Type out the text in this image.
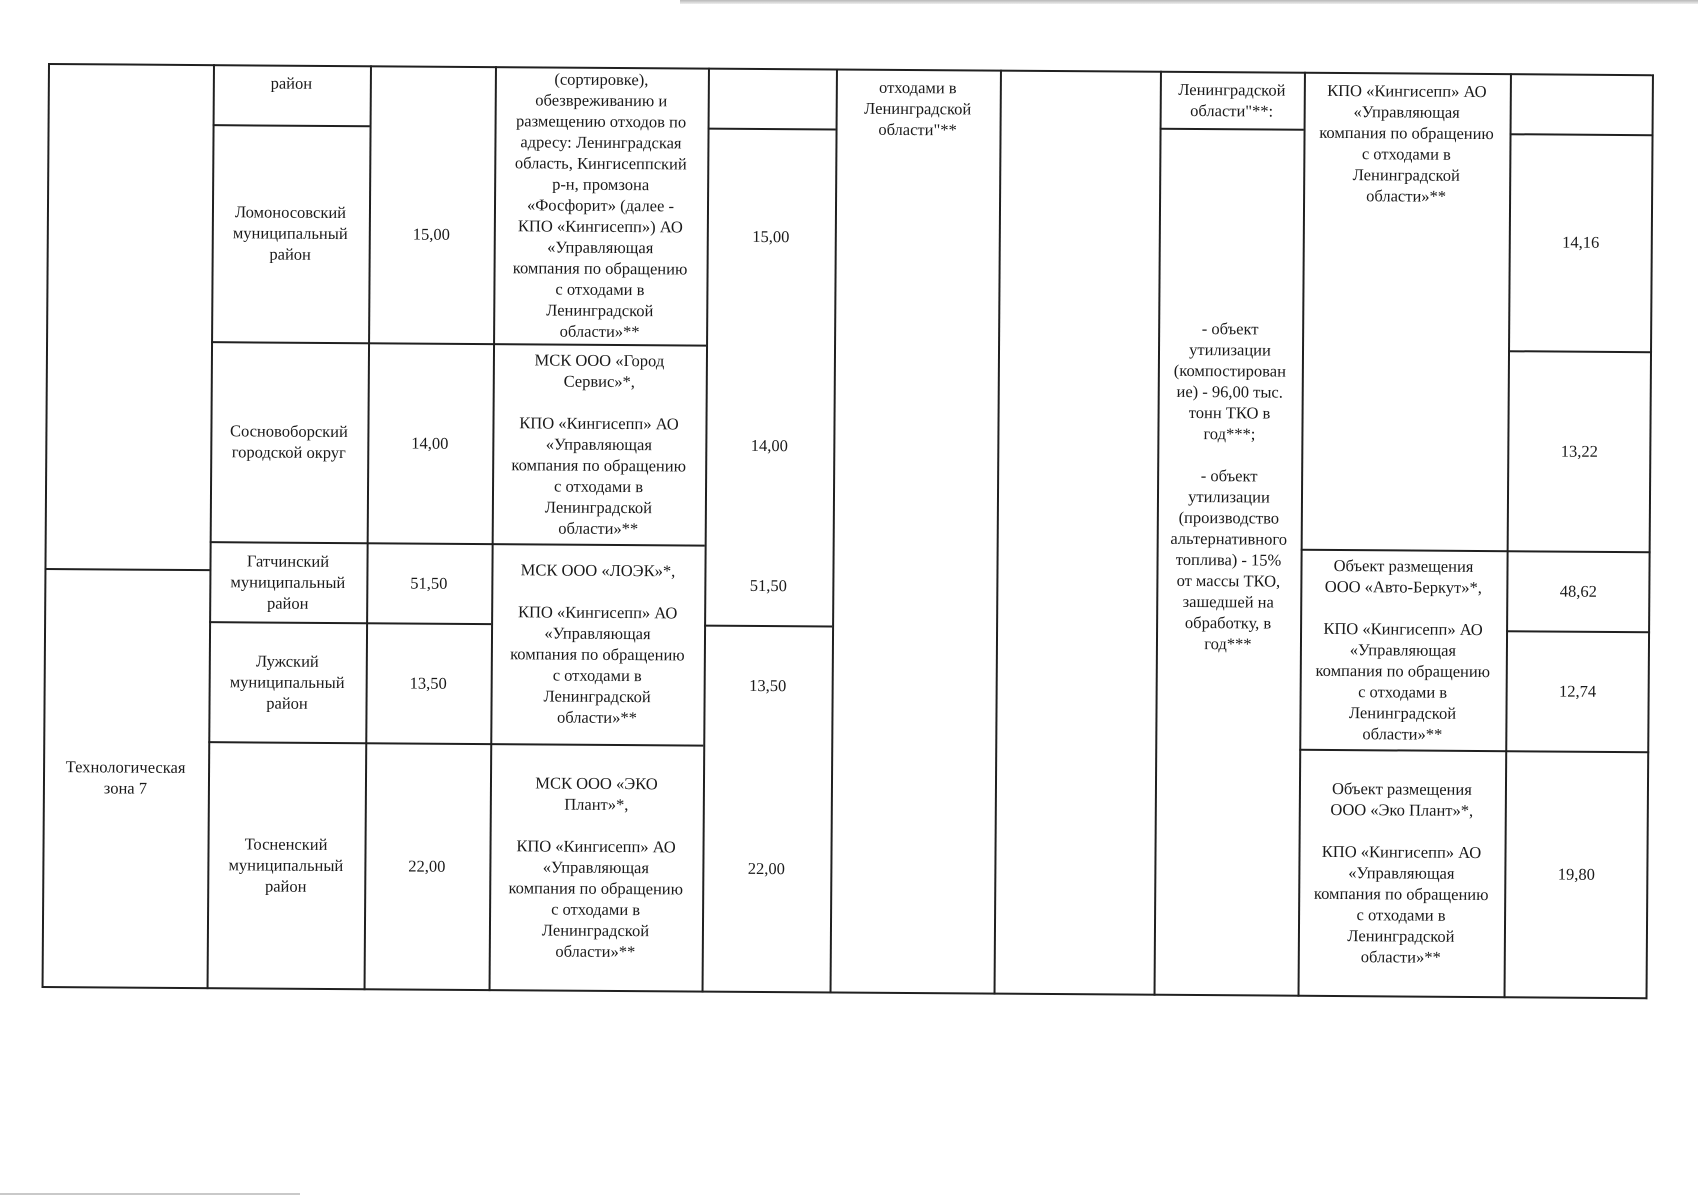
Технологическая
зона 7
район
Ломоносовский
муниципальный
район
Сосновоборский
городской округ
Гатчинский
муниципальный
район
Лужский
муниципальный
район
Тосненский
муниципальный
район
15,00
14,00
51,50
13,50
22,00
(сортировке),
обезвреживанию и
размещению отходов по
адресу: Ленинградская
область, Кингисеппский
р-н, промзона
«Фосфорит» (далее -
КПО «Кингисепп») АО
«Управляющая
компания по обращению
с отходами в
Ленинградской
области»**
МСК ООО «Город
Сервис»*,

КПО «Кингисепп» АО
«Управляющая
компания по обращению
с отходами в
Ленинградской
области»**
МСК ООО «ЛОЭК»*,

КПО «Кингисепп» АО
«Управляющая
компания по обращению
с отходами в
Ленинградской
области»**
МСК ООО «ЭКО
Плант»*,

КПО «Кингисепп» АО
«Управляющая
компания по обращению
с отходами в
Ленинградской
области»**
15,00
14,00
51,50
13,50
22,00
отходами в
Ленинградской
области"**
Ленинградской
области"**:
- объект
утилизации
(компостирован
ие) - 96,00 тыс.
тонн ТКО в
год***;

- объект
утилизации
(производство
альтернативного
топлива) - 15%
от массы ТКО,
зашедшей на
обработку, в
год***
КПО «Кингисепп» АО
«Управляющая
компания по обращению
с отходами в
Ленинградской
области»**
Объект размещения
ООО «Авто-Беркут»*,

КПО «Кингисепп» АО
«Управляющая
компания по обращению
с отходами в
Ленинградской
области»**
Объект размещения
ООО «Эко Плант»*,

КПО «Кингисепп» АО
«Управляющая
компания по обращению
с отходами в
Ленинградской
области»**
14,16
13,22
48,62
12,74
19,80
